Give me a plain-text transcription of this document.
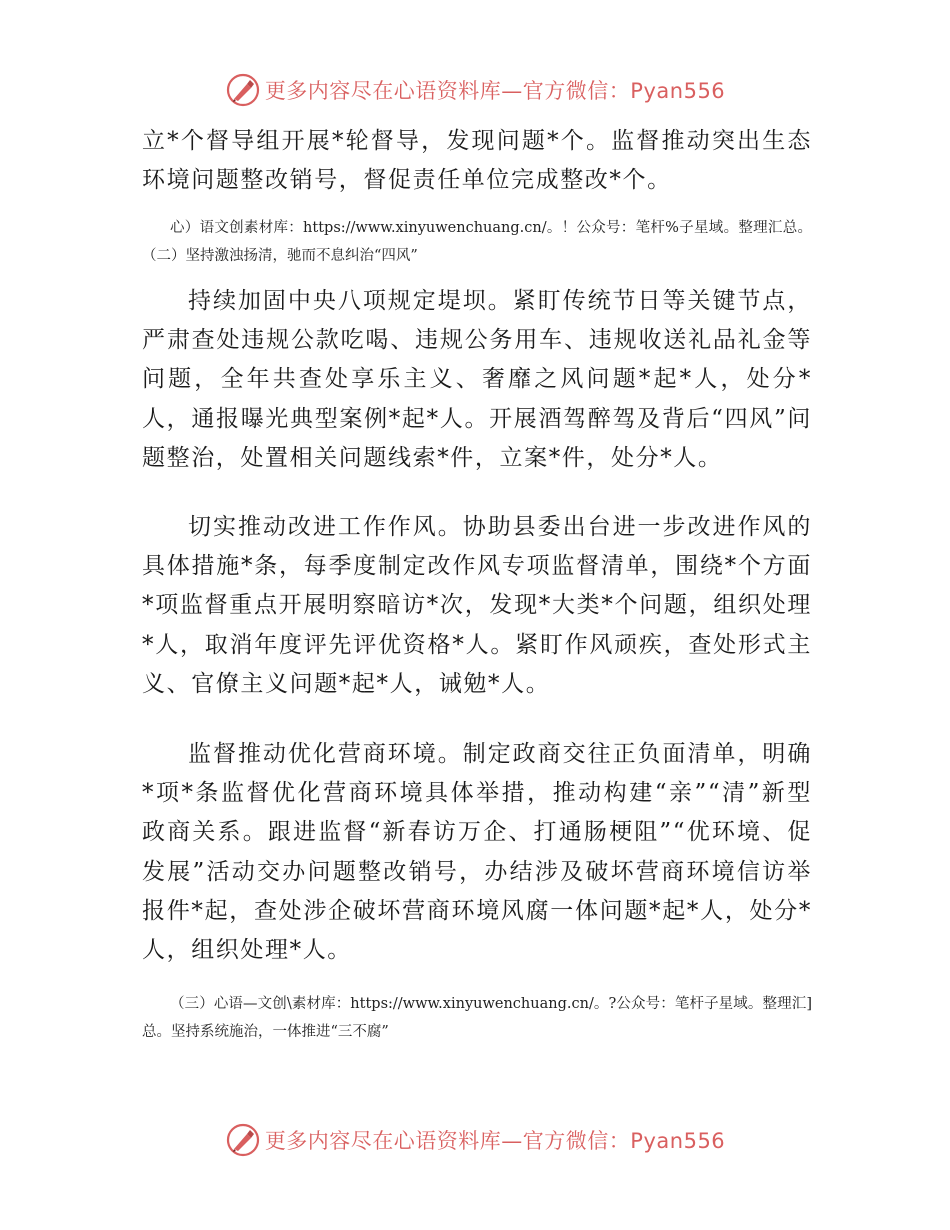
更多内容尽在心语资料库—官方微信：Pyan556

立*个督导组开展*轮督导，发现问题*个。监督推动突出生态环境问题整改销号，督促责任单位完成整改*个。

心）语文创素材库：https://www.xinyuwenchuang.cn/。！公众号：笔杆%子星域。整理汇总。（二）坚持激浊扬清，驰而不息纠治“四风”

持续加固中央八项规定堤坝。紧盯传统节日等关键节点，严肃查处违规公款吃喝、违规公务用车、违规收送礼品礼金等问题，全年共查处享乐主义、奢靡之风问题*起*人，处分*人，通报曝光典型案例*起*人。开展酒驾醉驾及背后“四风”问题整治，处置相关问题线索*件，立案*件，处分*人。

切实推动改进工作作风。协助县委出台进一步改进作风的具体措施*条，每季度制定改作风专项监督清单，围绕*个方面*项监督重点开展明察暗访*次，发现*大类*个问题，组织处理*人，取消年度评先评优资格*人。紧盯作风顽疾，查处形式主义、官僚主义问题*起*人，诫勉*人。

监督推动优化营商环境。制定政商交往正负面清单，明确*项*条监督优化营商环境具体举措，推动构建“亲”“清”新型政商关系。跟进监督“新春访万企、打通肠梗阻”“优环境、促发展”活动交办问题整改销号，办结涉及破坏营商环境信访举报件*起，查处涉企破坏营商环境风腐一体问题*起*人，处分*人，组织处理*人。

（三）心语—文创\素材库：https://www.xinyuwenchuang.cn/。?公众号：笔杆子星域。整理汇]总。坚持系统施治，一体推进“三不腐”

更多内容尽在心语资料库—官方微信：Pyan556
